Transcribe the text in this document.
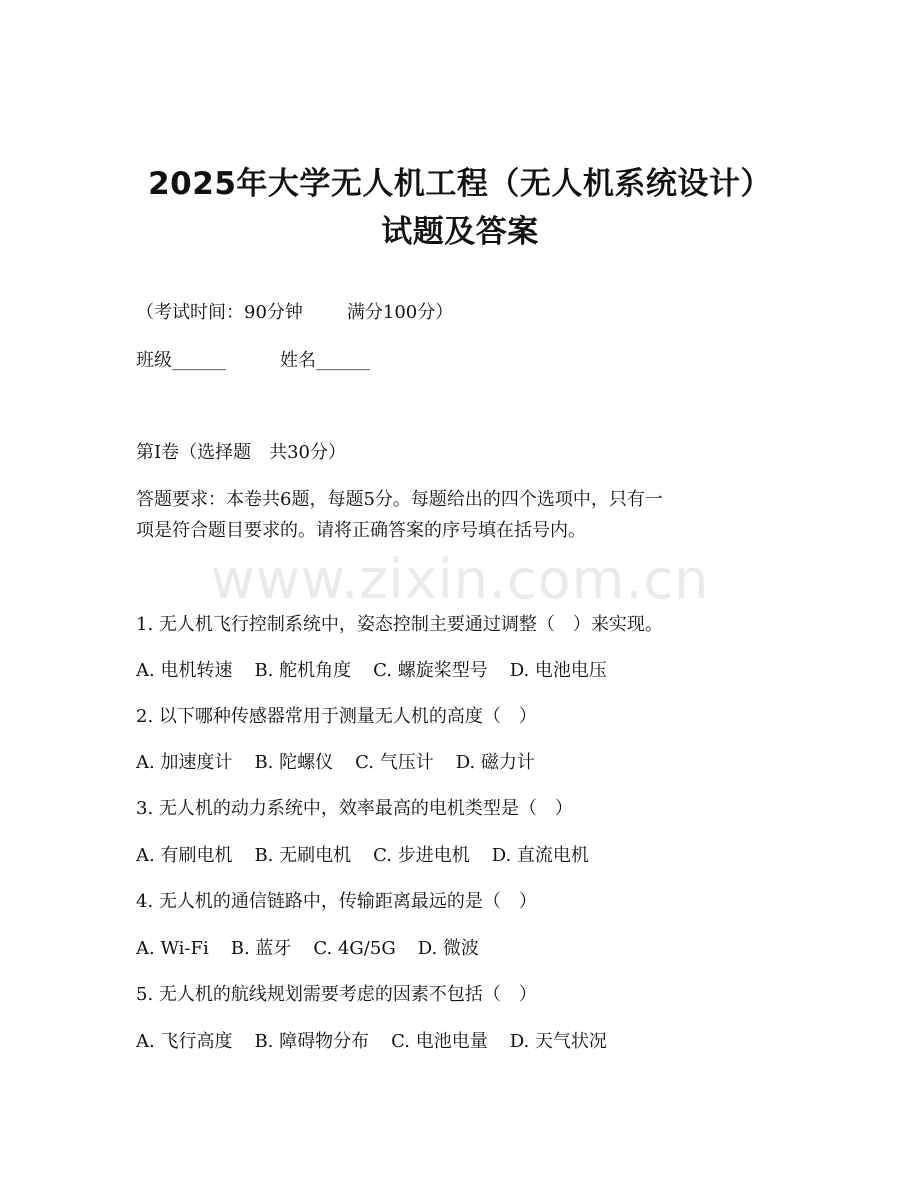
2025年大学无人机工程（无人机系统设计）
试题及答案

（考试时间：90分钟 满分100分）

班级______	姓名______

第I卷（选择题　共30分）

答题要求：本卷共6题，每题5分。每题给出的四个选项中，只有一

项是符合题目要求的。请将正确答案的序号填在括号内。

www.zixin.com.cn

1. 无人机飞行控制系统中，姿态控制主要通过调整（　）来实现。

A. 电机转速 B. 舵机角度 C. 螺旋桨型号 D. 电池电压

2. 以下哪种传感器常用于测量无人机的高度（　）

A. 加速度计 B. 陀螺仪 C. 气压计 D. 磁力计

3. 无人机的动力系统中，效率最高的电机类型是（　）

A. 有刷电机 B. 无刷电机 C. 步进电机 D. 直流电机

4. 无人机的通信链路中，传输距离最远的是（　）

A. Wi-Fi B. 蓝牙 C. 4G/5G D. 微波

5. 无人机的航线规划需要考虑的因素不包括（　）

A. 飞行高度 B. 障碍物分布 C. 电池电量 D. 天气状况
